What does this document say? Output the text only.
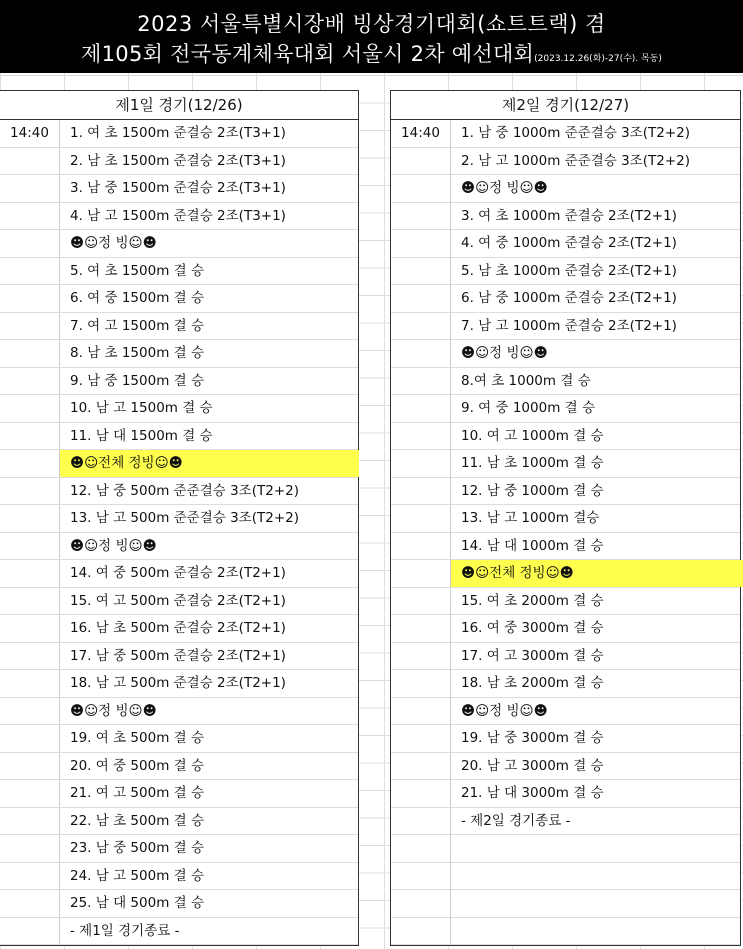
2023 서울특별시장배 빙상경기대회(쇼트트랙) 겸
제105회 전국동계체육대회 서울시 2차 예선대회(2023.12.26(화)-27(수). 목동)
제1일 경기(12/26)
14:40	1. 여 초 1500m 준결승 2조(T3+1)
2. 남 초 1500m 준결승 2조(T3+1)
3. 남 중 1500m 준결승 2조(T3+1)
4. 남 고 1500m 준결승 2조(T3+1)
☻☺정 빙☺☻
5. 여 초 1500m 결 승
6. 여 중 1500m 결 승
7. 여 고 1500m 결 승
8. 남 초 1500m 결 승
9. 남 중 1500m 결 승
10. 남 고 1500m 결 승
11. 남 대 1500m 결 승
☻☺전체 정빙☺☻
12. 남 중 500m 준준결승 3조(T2+2)
13. 남 고 500m 준준결승 3조(T2+2)
☻☺정 빙☺☻
14. 여 중 500m 준결승 2조(T2+1)
15. 여 고 500m 준결승 2조(T2+1)
16. 남 초 500m 준결승 2조(T2+1)
17. 남 중 500m 준결승 2조(T2+1)
18. 남 고 500m 준결승 2조(T2+1)
☻☺정 빙☺☻
19. 여 초 500m 결 승
20. 여 중 500m 결 승
21. 여 고 500m 결 승
22. 남 초 500m 결 승
23. 남 중 500m 결 승
24. 남 고 500m 결 승
25. 남 대 500m 결 승
- 제1일 경기종료 -
제2일 경기(12/27)
14:40	1. 남 중 1000m 준준결승 3조(T2+2)
2. 남 고 1000m 준준결승 3조(T2+2)
☻☺정 빙☺☻
3. 여 초 1000m 준결승 2조(T2+1)
4. 여 중 1000m 준결승 2조(T2+1)
5. 남 초 1000m 준결승 2조(T2+1)
6. 남 중 1000m 준결승 2조(T2+1)
7. 남 고 1000m 준결승 2조(T2+1)
☻☺정 빙☺☻
8.여 초 1000m 결 승
9. 여 중 1000m 결 승
10. 여 고 1000m 결 승
11. 남 초 1000m 결 승
12. 남 중 1000m 결 승
13. 남 고 1000m 결승
14. 남 대 1000m 결 승
☻☺전체 정빙☺☻
15. 여 초 2000m 결 승
16. 여 중 3000m 결 승
17. 여 고 3000m 결 승
18. 남 초 2000m 결 승
☻☺정 빙☺☻
19. 남 중 3000m 결 승
20. 남 고 3000m 결 승
21. 남 대 3000m 결 승
- 제2일 경기종료 -
